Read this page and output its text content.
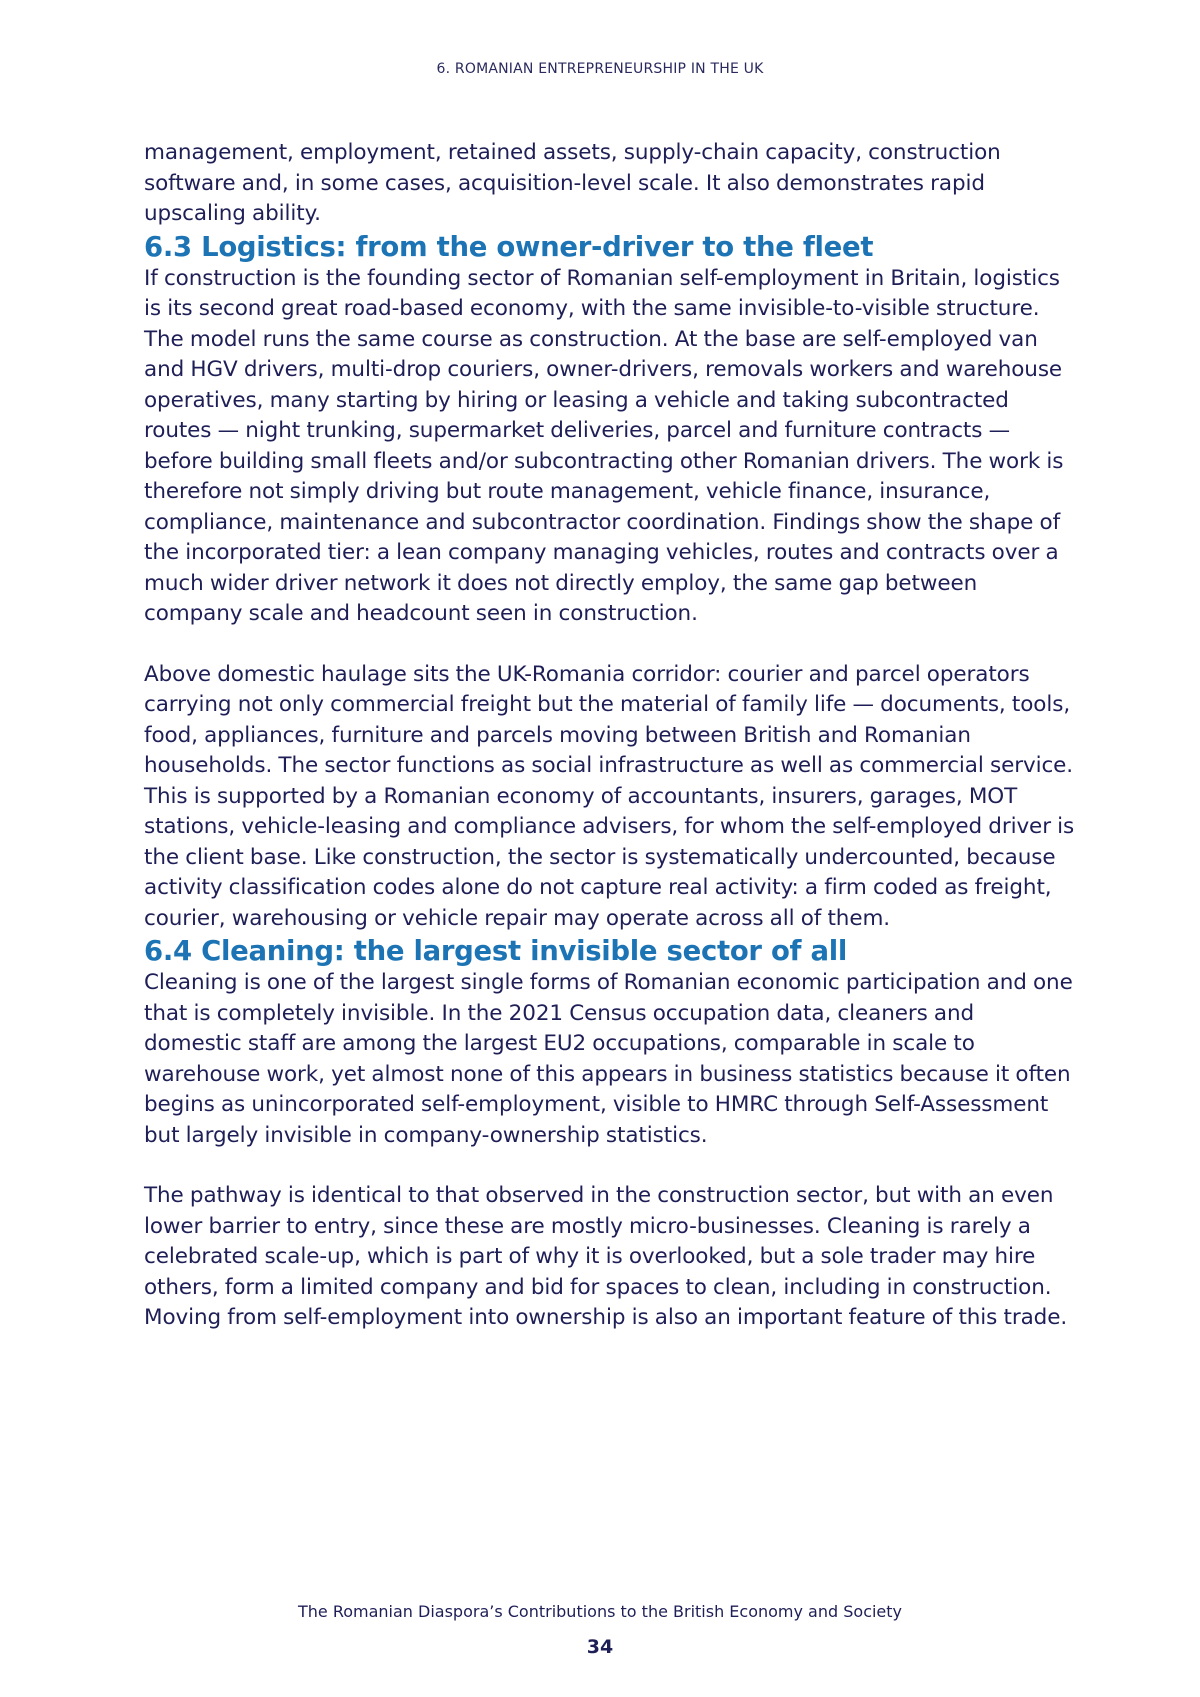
6. ROMANIAN ENTREPRENEURSHIP IN THE UK

management, employment, retained assets, supply-chain capacity, construction software and, in some cases, acquisition-level scale. It also demonstrates rapid upscaling ability.

6.3 Logistics: from the owner-driver to the fleet

If construction is the founding sector of Romanian self-employment in Britain, logistics is its second great road-based economy, with the same invisible-to-visible structure. The model runs the same course as construction. At the base are self-employed van and HGV drivers, multi-drop couriers, owner-drivers, removals workers and warehouse operatives, many starting by hiring or leasing a vehicle and taking subcontracted routes — night trunking, supermarket deliveries, parcel and furniture contracts — before building small fleets and/or subcontracting other Romanian drivers. The work is therefore not simply driving but route management, vehicle finance, insurance, compliance, maintenance and subcontractor coordination. Findings show the shape of the incorporated tier: a lean company managing vehicles, routes and contracts over a much wider driver network it does not directly employ, the same gap between company scale and headcount seen in construction.

Above domestic haulage sits the UK-Romania corridor: courier and parcel operators carrying not only commercial freight but the material of family life — documents, tools, food, appliances, furniture and parcels moving between British and Romanian households. The sector functions as social infrastructure as well as commercial service. This is supported by a Romanian economy of accountants, insurers, garages, MOT stations, vehicle-leasing and compliance advisers, for whom the self-employed driver is the client base. Like construction, the sector is systematically undercounted, because activity classification codes alone do not capture real activity: a firm coded as freight, courier, warehousing or vehicle repair may operate across all of them.

6.4 Cleaning: the largest invisible sector of all

Cleaning is one of the largest single forms of Romanian economic participation and one that is completely invisible. In the 2021 Census occupation data, cleaners and domestic staff are among the largest EU2 occupations, comparable in scale to warehouse work, yet almost none of this appears in business statistics because it often begins as unincorporated self-employment, visible to HMRC through Self-Assessment but largely invisible in company-ownership statistics.

The pathway is identical to that observed in the construction sector, but with an even lower barrier to entry, since these are mostly micro-businesses. Cleaning is rarely a celebrated scale-up, which is part of why it is overlooked, but a sole trader may hire others, form a limited company and bid for spaces to clean, including in construction. Moving from self-employment into ownership is also an important feature of this trade.

The Romanian Diaspora’s Contributions to the British Economy and Society

34
